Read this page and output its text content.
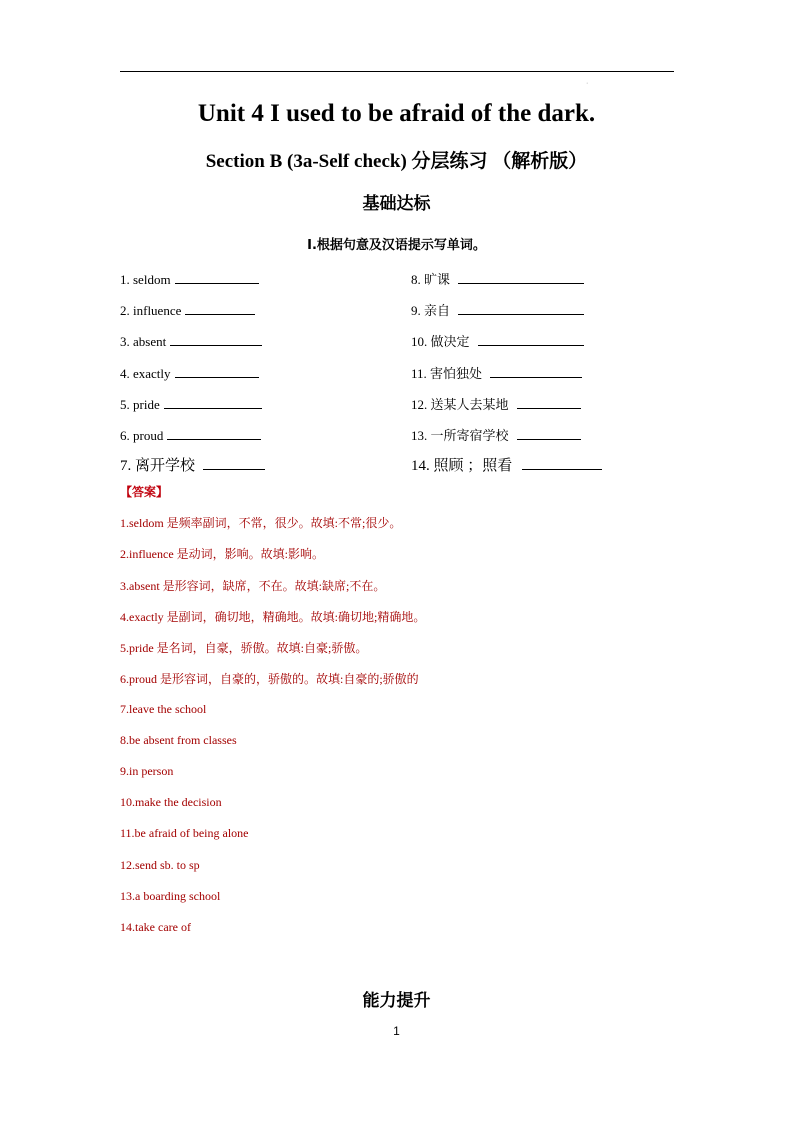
·
Unit 4 I used to be afraid of the dark.
Section B (3a-Self check) 分层练习 （解析版）
基础达标
Ⅰ.根据句意及汉语提示写单词。
1. seldom
2. influence
3. absent
4. exactly
5. pride
6. proud
7. 离开学校
8. 旷课
9. 亲自
10. 做决定
11. 害怕独处
12. 送某人去某地
13. 一所寄宿学校
14. 照顾 ；照看
【答案】
1.seldom 是频率副词，不常，很少。故填:不常;很少。
2.influence 是动词，影响。故填:影响。
3.absent 是形容词，缺席，不在。故填:缺席;不在。
4.exactly 是副词，确切地，精确地。故填:确切地;精确地。
5.pride 是名词，自豪，骄傲。故填:自豪;骄傲。
6.proud 是形容词，自豪的，骄傲的。故填:自豪的;骄傲的
7.leave the school
8.be absent from classes
9.in person
10.make the decision
11.be afraid of being alone
12.send sb. to sp
13.a boarding school
14.take care of
能力提升
1
